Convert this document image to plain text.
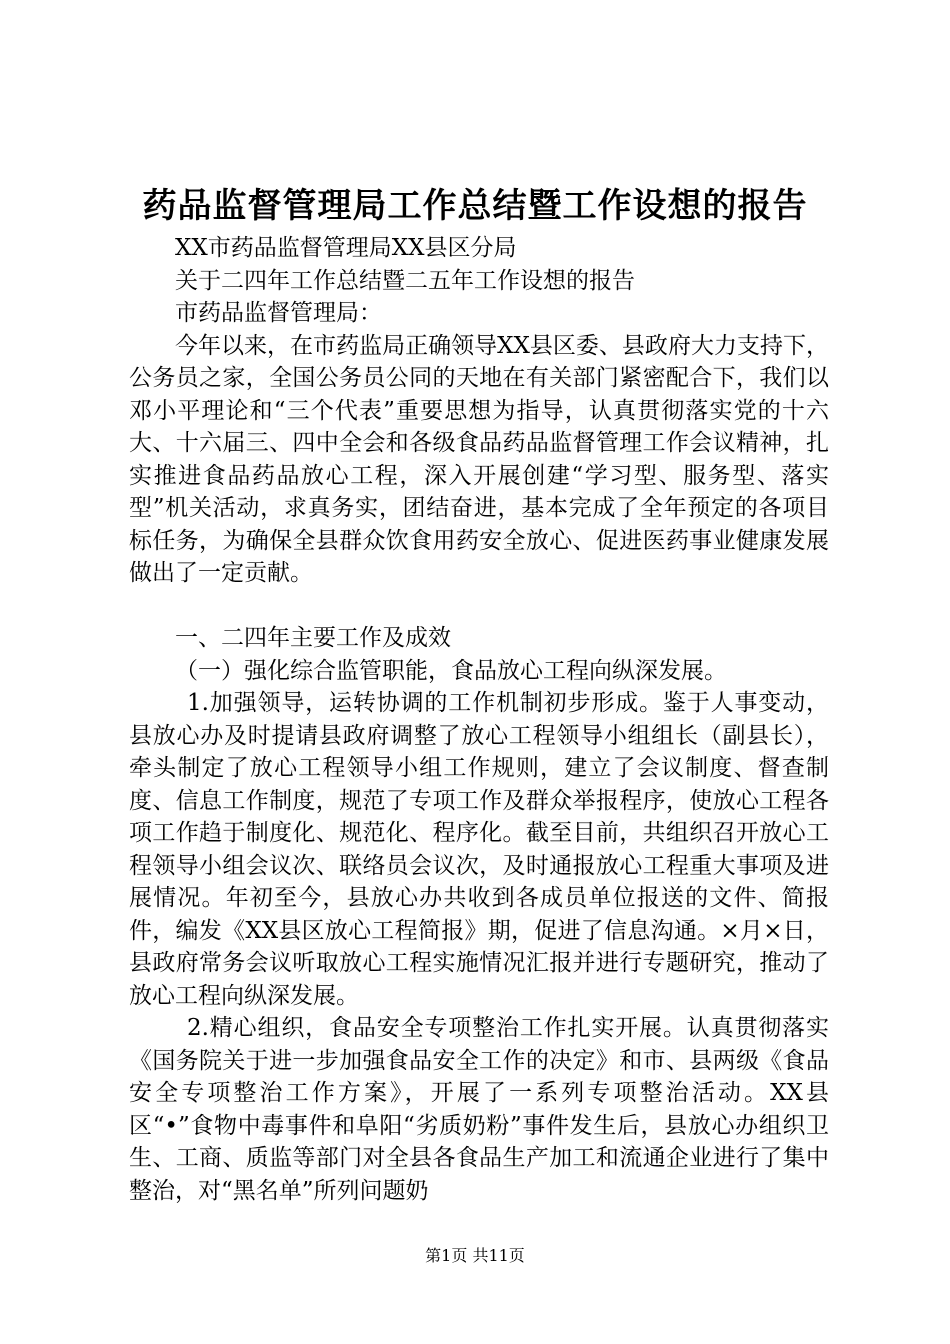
药品监督管理局工作总结暨工作设想的报告

XX市药品监督管理局XX县区分局

关于二四年工作总结暨二五年工作设想的报告

市药品监督管理局：

今年以来，在市药监局正确领导XX县区委、县政府大力支持下，公务员之家，全国公务员公同的天地在有关部门紧密配合下，我们以邓小平理论和“三个代表”重要思想为指导，认真贯彻落实党的十六大、十六届三、四中全会和各级食品药品监督管理工作会议精神，扎实推进食品药品放心工程，深入开展创建“学习型、服务型、落实型”机关活动，求真务实，团结奋进，基本完成了全年预定的各项目标任务，为确保全县群众饮食用药安全放心、促进医药事业健康发展做出了一定贡献。

一、二四年主要工作及成效

（一）强化综合监管职能，食品放心工程向纵深发展。

1.加强领导，运转协调的工作机制初步形成。鉴于人事变动，县放心办及时提请县政府调整了放心工程领导小组组长（副县长），牵头制定了放心工程领导小组工作规则，建立了会议制度、督查制度、信息工作制度，规范了专项工作及群众举报程序，使放心工程各项工作趋于制度化、规范化、程序化。截至目前，共组织召开放心工程领导小组会议次、联络员会议次，及时通报放心工程重大事项及进展情况。年初至今，县放心办共收到各成员单位报送的文件、简报件，编发《XX县区放心工程简报》期，促进了信息沟通。×月×日，县政府常务会议听取放心工程实施情况汇报并进行专题研究，推动了放心工程向纵深发展。

2.精心组织，食品安全专项整治工作扎实开展。认真贯彻落实《国务院关于进一步加强食品安全工作的决定》和市、县两级《食品安全专项整治工作方案》，开展了一系列专项整治活动。XX县区“•”食物中毒事件和阜阳“劣质奶粉”事件发生后，县放心办组织卫生、工商、质监等部门对全县各食品生产加工和流通企业进行了集中整治，对“黑名单”所列问题奶

第1页 共11页
